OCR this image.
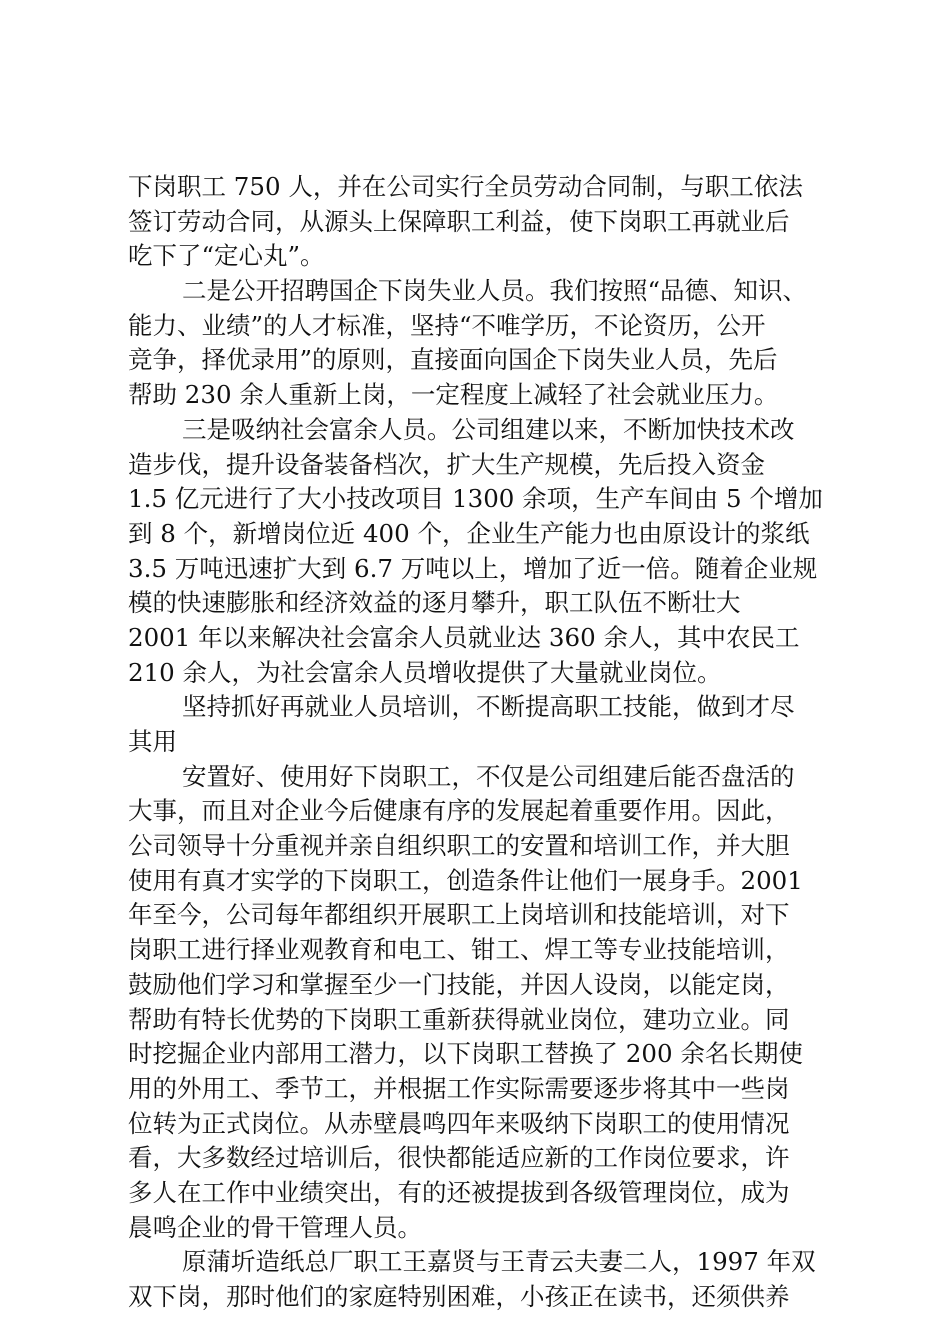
下岗职工 750 人，并在公司实行全员劳动合同制，与职工依法
签订劳动合同，从源头上保障职工利益，使下岗职工再就业后
吃下了“定心丸”。
二是公开招聘国企下岗失业人员。我们按照“品德、知识、
能力、业绩”的人才标准，坚持“不唯学历，不论资历，公开
竞争，择优录用”的原则，直接面向国企下岗失业人员，先后
帮助 230 余人重新上岗，一定程度上减轻了社会就业压力。
三是吸纳社会富余人员。公司组建以来，不断加快技术改
造步伐，提升设备装备档次，扩大生产规模，先后投入资金
1.5 亿元进行了大小技改项目 1300 余项，生产车间由 5 个增加
到 8 个，新增岗位近 400 个，企业生产能力也由原设计的浆纸
3.5 万吨迅速扩大到 6.7 万吨以上，增加了近一倍。随着企业规
模的快速膨胀和经济效益的逐月攀升，职工队伍不断壮大
2001 年以来解决社会富余人员就业达 360 余人，其中农民工
210 余人，为社会富余人员增收提供了大量就业岗位。
坚持抓好再就业人员培训，不断提高职工技能，做到才尽
其用
安置好、使用好下岗职工，不仅是公司组建后能否盘活的
大事，而且对企业今后健康有序的发展起着重要作用。因此，
公司领导十分重视并亲自组织职工的安置和培训工作，并大胆
使用有真才实学的下岗职工，创造条件让他们一展身手。2001
年至今，公司每年都组织开展职工上岗培训和技能培训，对下
岗职工进行择业观教育和电工、钳工、焊工等专业技能培训，
鼓励他们学习和掌握至少一门技能，并因人设岗，以能定岗，
帮助有特长优势的下岗职工重新获得就业岗位，建功立业。同
时挖掘企业内部用工潜力，以下岗职工替换了 200 余名长期使
用的外用工、季节工，并根据工作实际需要逐步将其中一些岗
位转为正式岗位。从赤壁晨鸣四年来吸纳下岗职工的使用情况
看，大多数经过培训后，很快都能适应新的工作岗位要求，许
多人在工作中业绩突出，有的还被提拔到各级管理岗位，成为
晨鸣企业的骨干管理人员。
原蒲圻造纸总厂职工王嘉贤与王青云夫妻二人，1997 年双
双下岗，那时他们的家庭特别困难，小孩正在读书，还须供养
